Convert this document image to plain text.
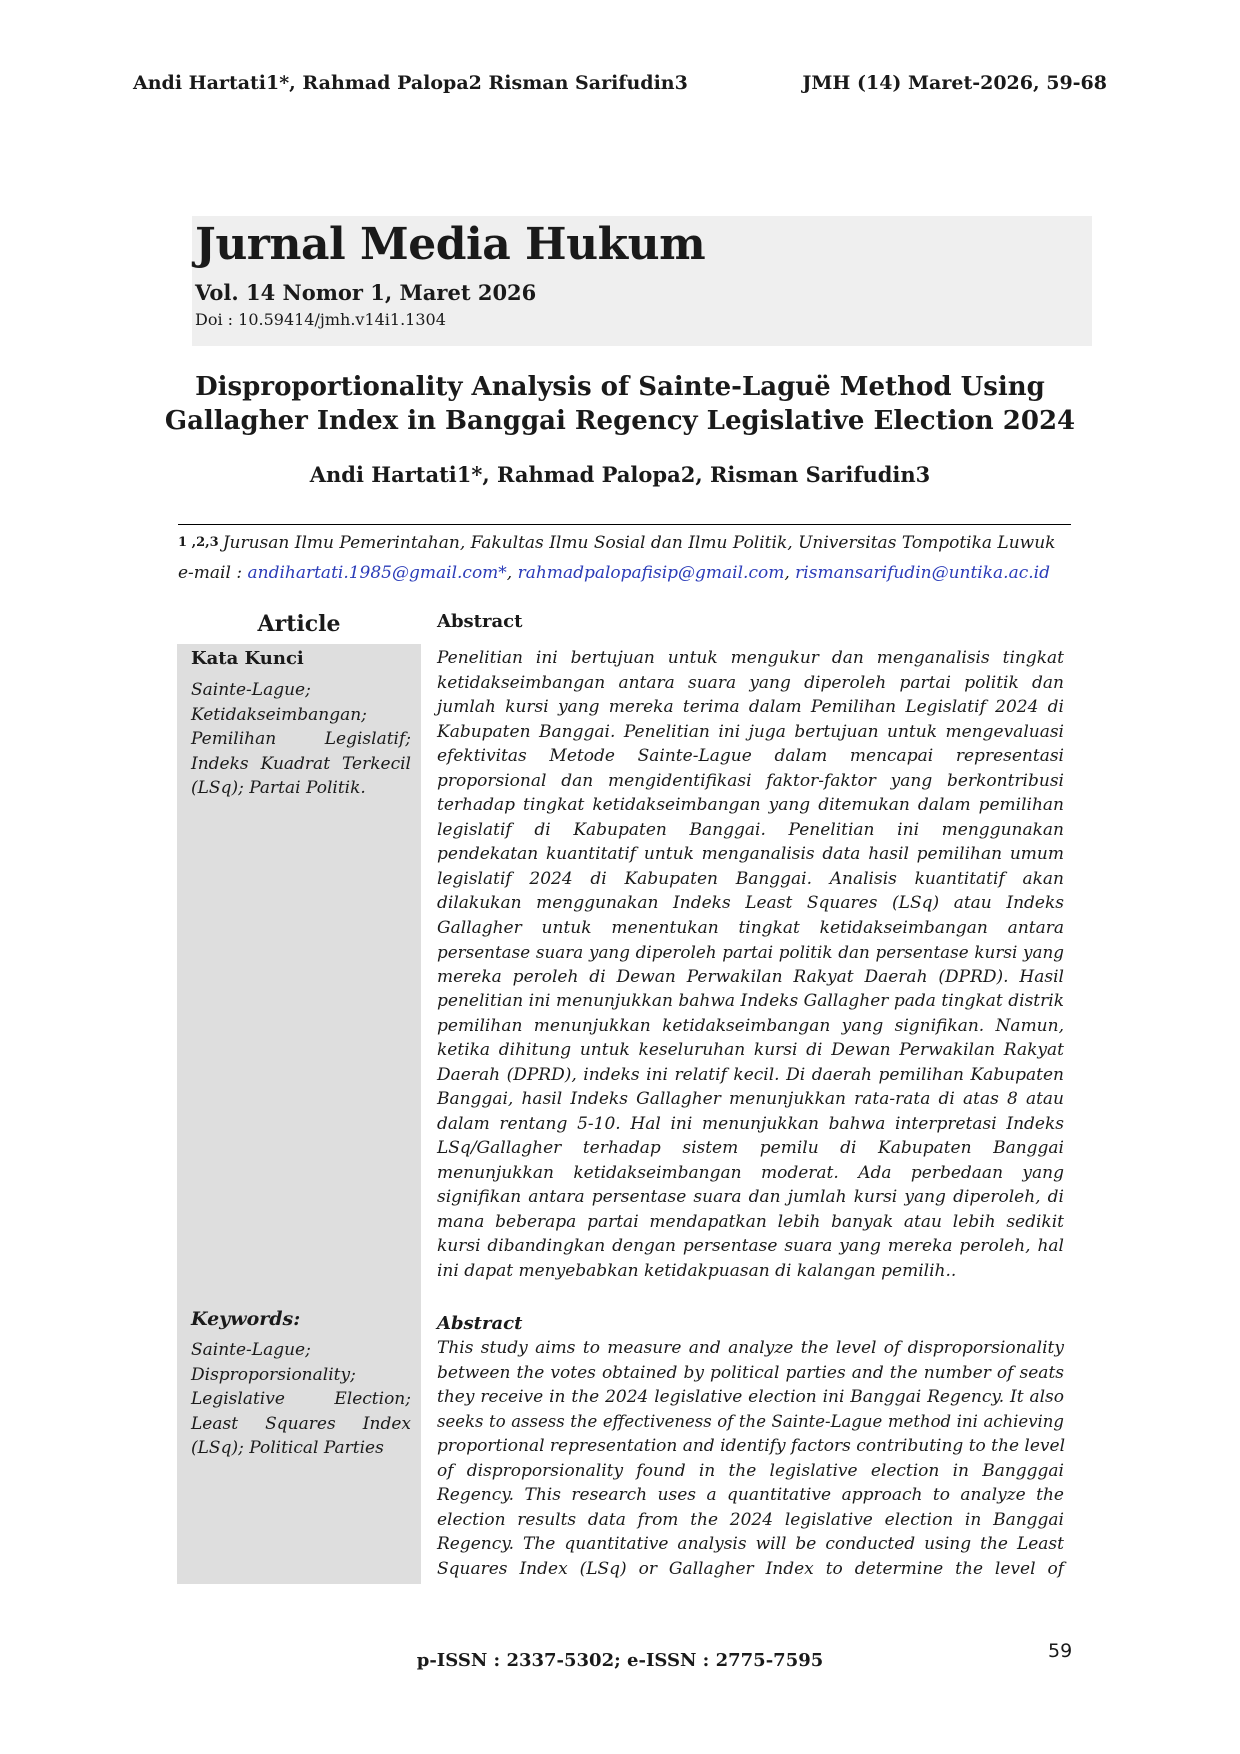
Andi Hartati1*, Rahmad Palopa2 Risman Sarifudin3	JMH (14) Maret-2026, 59-68
Jurnal Media Hukum
Vol. 14 Nomor 1, Maret 2026
Doi : 10.59414/jmh.v14i1.1304
Disproportionality Analysis of Sainte-Laguë Method Using
Gallagher Index in Banggai Regency Legislative Election 2024
Andi Hartati1*, Rahmad Palopa2, Risman Sarifudin3
$^{1 ,2,3}$ Jurusan Ilmu Pemerintahan, Fakultas Ilmu Sosial dan Ilmu Politik, Universitas Tompotika Luwuk
e-mail : andihartati.1985@gmail.com*, rahmadpalopafisip@gmail.com, rismansarifudin@untika.ac.id
Article	Abstract
Kata Kunci
Sainte-Lague;
Ketidakseimbangan;
Pemilihan Legislatif;
Indeks Kuadrat Terkecil
(LSq); Partai Politik.
Keywords:
Sainte-Lague;
Disproporsionality;
Legislative Election;
Least Squares Index
(LSq); Political Parties
Penelitian ini bertujuan untuk mengukur dan menganalisis tingkat
ketidakseimbangan antara suara yang diperoleh partai politik dan
jumlah kursi yang mereka terima dalam Pemilihan Legislatif 2024 di
Kabupaten Banggai. Penelitian ini juga bertujuan untuk mengevaluasi
efektivitas Metode Sainte-Lague dalam mencapai representasi
proporsional dan mengidentifikasi faktor-faktor yang berkontribusi
terhadap tingkat ketidakseimbangan yang ditemukan dalam pemilihan
legislatif di Kabupaten Banggai. Penelitian ini menggunakan
pendekatan kuantitatif untuk menganalisis data hasil pemilihan umum
legislatif 2024 di Kabupaten Banggai. Analisis kuantitatif akan
dilakukan menggunakan Indeks Least Squares (LSq) atau Indeks
Gallagher untuk menentukan tingkat ketidakseimbangan antara
persentase suara yang diperoleh partai politik dan persentase kursi yang
mereka peroleh di Dewan Perwakilan Rakyat Daerah (DPRD). Hasil
penelitian ini menunjukkan bahwa Indeks Gallagher pada tingkat distrik
pemilihan menunjukkan ketidakseimbangan yang signifikan. Namun,
ketika dihitung untuk keseluruhan kursi di Dewan Perwakilan Rakyat
Daerah (DPRD), indeks ini relatif kecil. Di daerah pemilihan Kabupaten
Banggai, hasil Indeks Gallagher menunjukkan rata-rata di atas 8 atau
dalam rentang 5-10. Hal ini menunjukkan bahwa interpretasi Indeks
LSq/Gallagher terhadap sistem pemilu di Kabupaten Banggai
menunjukkan ketidakseimbangan moderat. Ada perbedaan yang
signifikan antara persentase suara dan jumlah kursi yang diperoleh, di
mana beberapa partai mendapatkan lebih banyak atau lebih sedikit
kursi dibandingkan dengan persentase suara yang mereka peroleh, hal
ini dapat menyebabkan ketidakpuasan di kalangan pemilih..
Abstract
This study aims to measure and analyze the level of disproporsionality
between the votes obtained by political parties and the number of seats
they receive in the 2024 legislative election ini Banggai Regency. It also
seeks to assess the effectiveness of the Sainte-Lague method ini achieving
proportional representation and identify factors contributing to the level
of disproporsionality found in the legislative election in Bangggai
Regency. This research uses a quantitative approach to analyze the
election results data from the 2024 legislative election in Banggai
Regency. The quantitative analysis will be conducted using the Least
Squares Index (LSq) or Gallagher Index to determine the level of
p-ISSN : 2337-5302; e-ISSN : 2775-7595	59
